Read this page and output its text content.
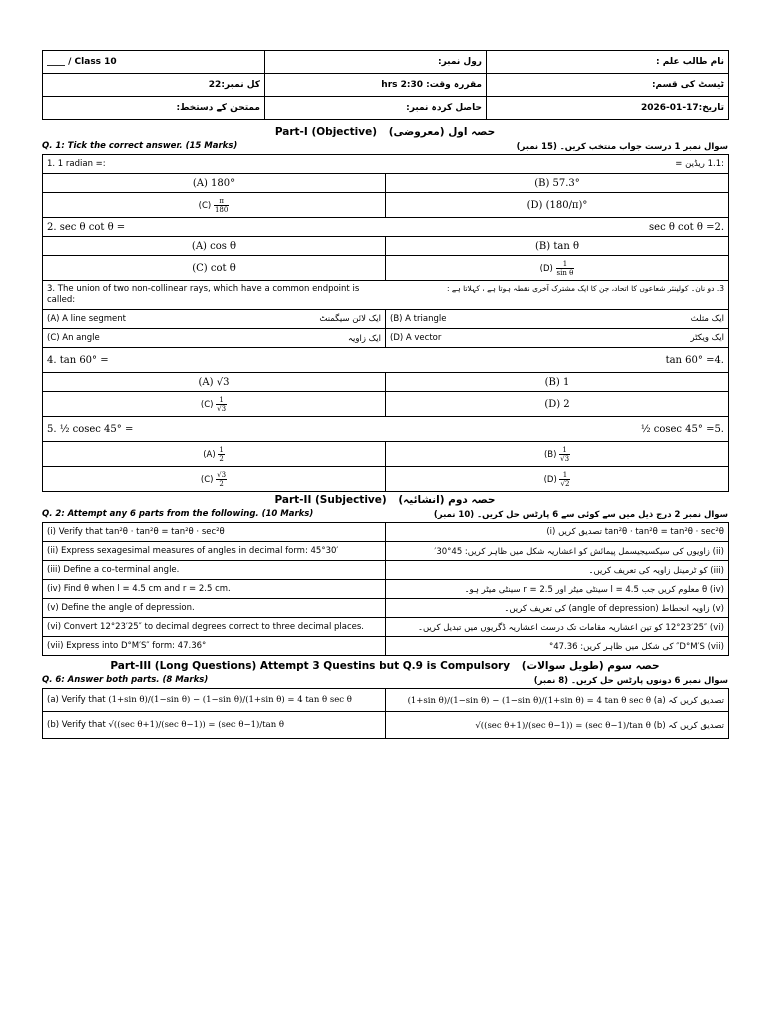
____ / Class 10	رول نمبر:	نام طالب علم :
کل نمبر:22	مقررہ وقت: 2:30 hrs	ٹیسٹ کی قسم:
ممتحن کے دستخط:	حاصل کردہ نمبر:	تاریخ:17-01-2026
Part-I (Objective) حصہ اول (معروضی)
Q. 1: Tick the correct answer. (15 Marks)	سوال نمبر 1 درست جواب منتخب کریں۔ (15 نمبر)
1. 1 radian =: :1.1 ریڈین =	

(A) 180°	(B) 57.3°
$(C) \frac{\pi}{180}$	(D) (180/π)°

2. sec θ cot θ = sec θ cot θ =2.	

(A) cos θ	(B) tan θ
(C) cot θ	$(D) \frac{1}{\text{sin θ}}$

3. The union of two non-collinear rays, which have a common endpoint is
called:
3. دو نان۔ کولینئر شعاعوں کا اتحاد، جن کا ایک مشترک آخری نقطہ ہوتا ہے ، کہلاتا ہے :	

(A) A line segment ایک لائن سیگمنٹ	(B) A triangle ایک مثلث

(C) An angle ایک زاویہ	(D) A vector ایک ویکٹر

4. tan 60° = tan 60° =4.	

(A) √3	(B) 1
$(C) \frac{1}{√3}$	(D) 2

5. ½ cosec 45° = ½ cosec 45° =5.	

$(A) \frac{1}{2}$	$(B) \frac{1}{√3}$

$(C) \frac{√3}{2}$	$(D) \frac{1}{√2}$
Part-II (Subjective) حصہ دوم (انشائیہ)
Q. 2: Attempt any 6 parts from the following. (10 Marks)	سوال نمبر 2 درج ذیل میں سے کوئی سے 6 پارٹس حل کریں۔ (10 نمبر)
(i) Verify that tan²θ · tan²θ = tan²θ · sec²θ	tan²θ · tan²θ = tan²θ · sec²θ تصدیق کریں (i)
(ii) Express sexagesimal measures of angles in decimal form: 45°30′	(ii) زاویوں کی سیکسیجیسمل پیمائش کو اعشاریہ شکل میں ظاہر کریں: 45°30′
(iii) Define a co-terminal angle.	(iii) کو ٹرمینل زاویہ کی تعریف کریں۔
(iv) Find θ when l = 4.5 cm and r = 2.5 cm.	(iv) θ معلوم کریں جب l = 4.5 سینٹی میٹر اور r = 2.5 سینٹی میٹر ہو۔
(v) Define the angle of depression.	(v) زاویہ انحطاط (angle of depression) کی تعریف کریں۔
(vi) Convert 12°23′25″ to decimal degrees correct to three decimal places.	(vi) 12°23′25″ کو تین اعشاریہ مقامات تک درست اعشاریہ ڈگریوں میں تبدیل کریں۔
(vii) Express into D°M′S″ form: 47.36°	(vii) D°M′S″ کی شکل میں ظاہر کریں: 47.36°
Part-III (Long Questions) Attempt 3 Questins but Q.9 is Compulsory حصہ سوم (طویل سوالات)
Q. 6: Answer both parts. (8 Marks)	سوال نمبر 6 دونوں پارٹس حل کریں۔ (8 نمبر)
(a) Verify that (1+sin θ)/(1−sin θ) − (1−sin θ)/(1+sin θ) = 4 tan θ sec θ	تصدیق کریں کہ (a) (1+sin θ)/(1−sin θ) − (1−sin θ)/(1+sin θ) = 4 tan θ sec θ
(b) Verify that √((sec θ+1)/(sec θ−1)) = (sec θ−1)/tan θ	تصدیق کریں کہ (b) √((sec θ+1)/(sec θ−1)) = (sec θ−1)/tan θ
